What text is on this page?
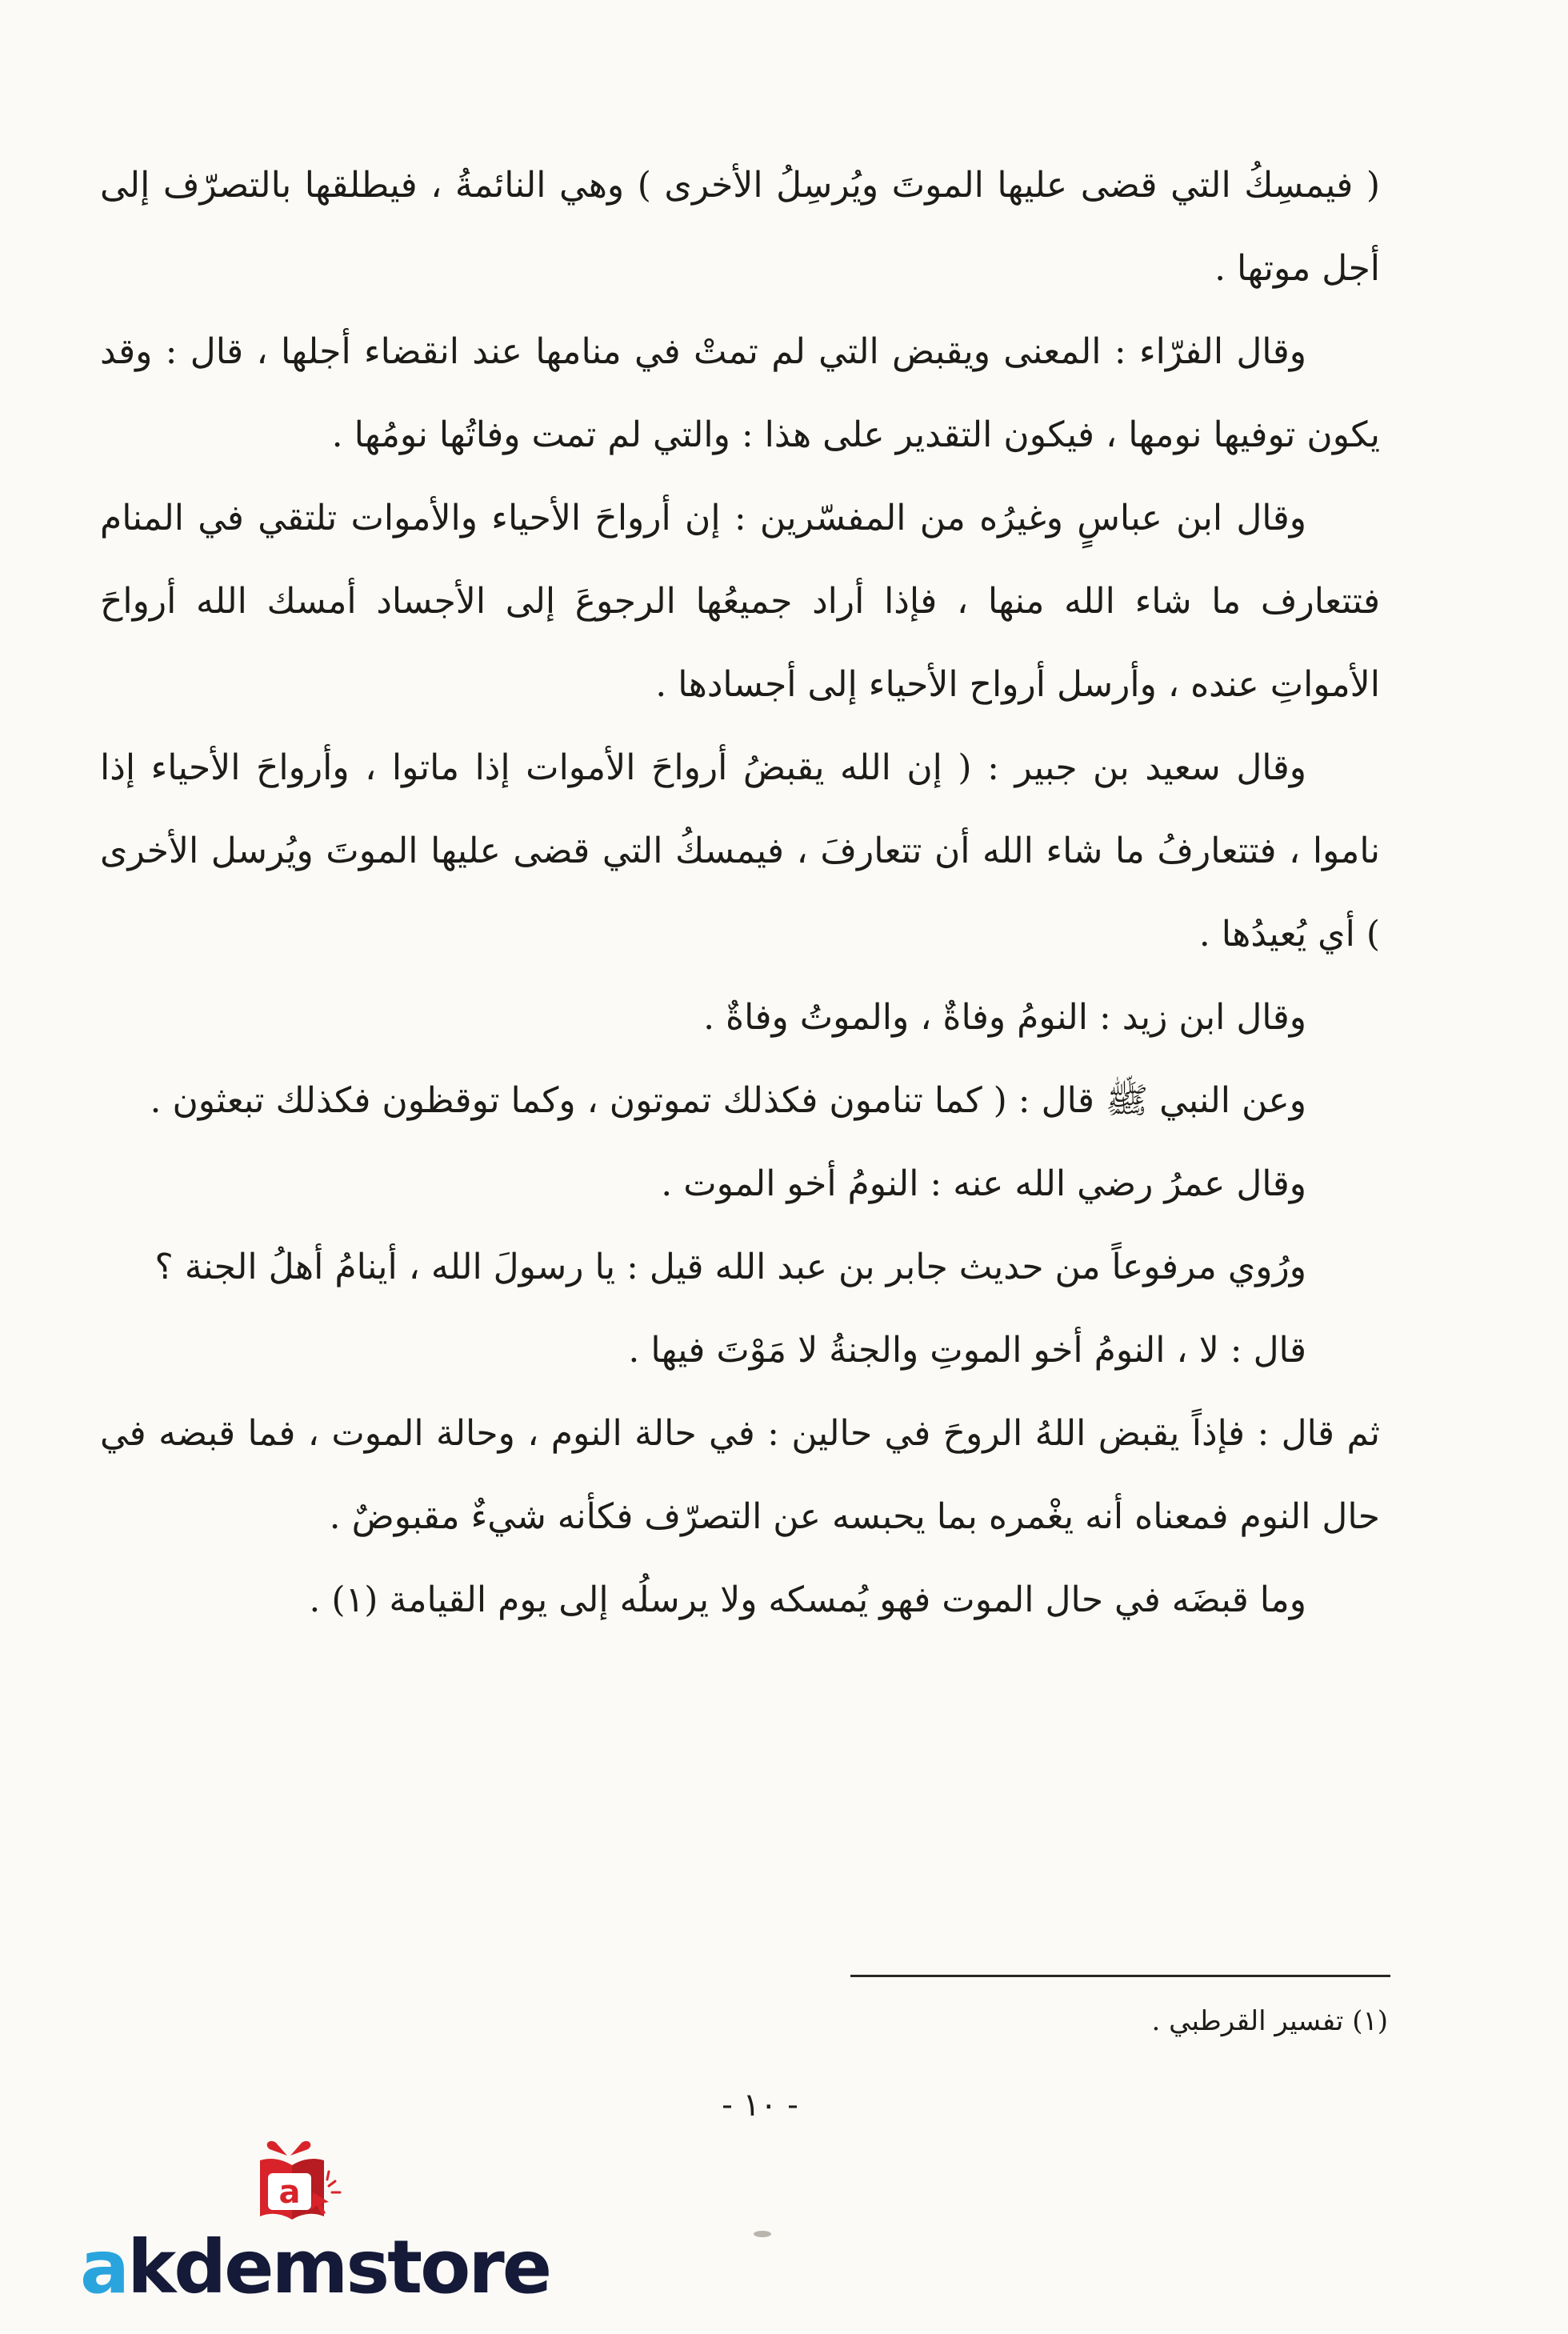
( فيمسِكُ التي قضى عليها الموتَ ويُرسِلُ الأخرى ) وهي النائمةُ ، فيطلقها بالتصرّف إلى أجل موتها .

وقال الفرّاء : المعنى ويقبض التي لم تمتْ في منامها عند انقضاء أجلها ، قال : وقد يكون توفيها نومها ، فيكون التقدير على هذا : والتي لم تمت وفاتُها نومُها .

وقال ابن عباسٍ وغيرُه من المفسّرين : إن أرواحَ الأحياء والأموات تلتقي في المنام فتتعارف ما شاء الله منها ، فإذا أراد جميعُها الرجوعَ إلى الأجساد أمسك الله أرواحَ الأمواتِ عنده ، وأرسل أرواح الأحياء إلى أجسادها .

وقال سعيد بن جبير : ( إن الله يقبضُ أرواحَ الأموات إذا ماتوا ، وأرواحَ الأحياء إذا ناموا ، فتتعارفُ ما شاء الله أن تتعارفَ ، فيمسكُ التي قضى عليها الموتَ ويُرسل الأخرى ) أي يُعيدُها .

وقال ابن زيد : النومُ وفاةٌ ، والموتُ وفاةٌ .

وعن النبي ﷺ قال : ( كما تنامون فكذلك تموتون ، وكما توقظون فكذلك تبعثون .

وقال عمرُ رضي الله عنه : النومُ أخو الموت .

ورُوي مرفوعاً من حديث جابر بن عبد الله قيل : يا رسولَ الله ، أينامُ أهلُ الجنة ؟

قال : لا ، النومُ أخو الموتِ والجنةُ لا مَوْتَ فيها .

ثم قال : فإذاً يقبض اللهُ الروحَ في حالين : في حالة النوم ، وحالة الموت ، فما قبضه في حال النوم فمعناه أنه يغْمره بما يحبسه عن التصرّف فكأنه شيءٌ مقبوضٌ .

وما قبضَه في حال الموت فهو يُمسكه ولا يرسلُه إلى يوم القيامة (١) .

(١) تفسير القرطبي .
- ١٠ -
a
akdemstore
